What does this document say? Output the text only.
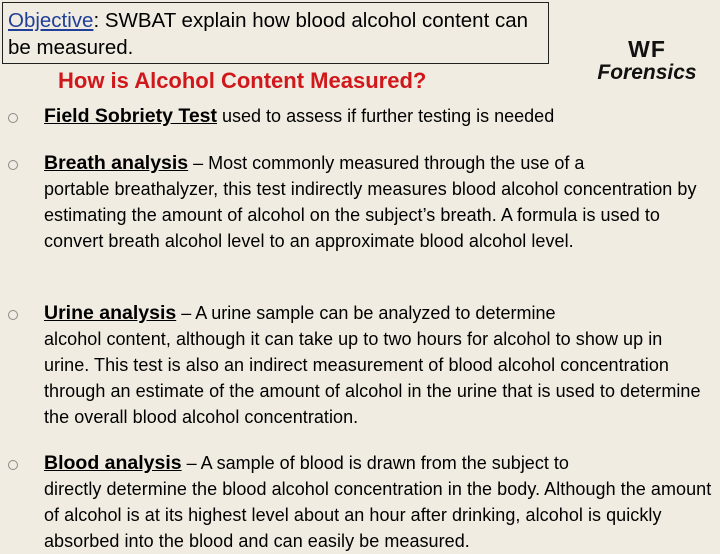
Objective: SWBAT explain how blood alcohol content can be measured.	WF
Forensics
How is Alcohol Content Measured?
Field Sobriety Test used to assess if further testing is needed
Breath analysis – Most commonly measured through the use of a
portable breathalyzer, this test indirectly measures blood alcohol concentration by estimating the amount of alcohol on the subject’s breath. A formula is used to convert breath alcohol level to an approximate blood alcohol level.
Urine analysis – A urine sample can be analyzed to determine
alcohol content, although it can take up to two hours for alcohol to show up in urine. This test is also an indirect measurement of blood alcohol concentration through an estimate of the amount of alcohol in the urine that is used to determine the overall blood alcohol concentration.
Blood analysis – A sample of blood is drawn from the subject to
directly determine the blood alcohol concentration in the body. Although the amount of alcohol is at its highest level about an hour after drinking, alcohol is quickly absorbed into the blood and can easily be measured.
